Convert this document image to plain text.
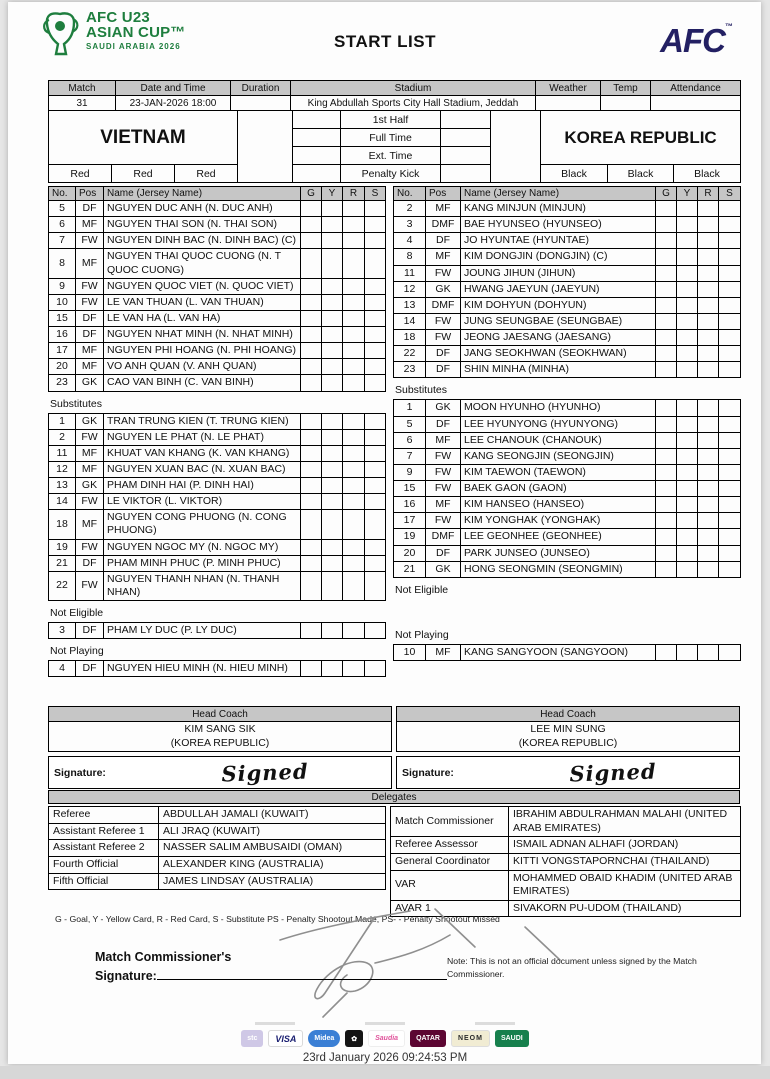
AFC U23
ASIAN CUP™
SAUDI ARABIA 2026	START LIST	AFC™
Match	Date and Time	Duration	Stadium	Weather	Temp	Attendance
31	23-JAN-2026 18:00		King Abdullah Sports City Hall Stadium, Jeddah			
VIETNAM					1st Half			KOREA REPUBLIC		
					Full Time					
					Ext. Time					
Red	Red	Red			Penalty Kick			Black	Black	Black
No.	Pos	Name (Jersey Name)	G	Y	R	S
5	DF	NGUYEN DUC ANH (N. DUC ANH)				
6	MF	NGUYEN THAI SON (N. THAI SON)				
7	FW	NGUYEN DINH BAC (N. DINH BAC) (C)				
8	MF	NGUYEN THAI QUOC CUONG (N. T QUOC CUONG)				
9	FW	NGUYEN QUOC VIET (N. QUOC VIET)				
10	FW	LE VAN THUAN (L. VAN THUAN)				
15	DF	LE VAN HA (L. VAN HA)				
16	DF	NGUYEN NHAT MINH (N. NHAT MINH)				
17	MF	NGUYEN PHI HOANG (N. PHI HOANG)				
20	MF	VO ANH QUAN (V. ANH QUAN)				
23	GK	CAO VAN BINH (C. VAN BINH)				
Substitutes
1	GK	TRAN TRUNG KIEN (T. TRUNG KIEN)				
2	FW	NGUYEN LE PHAT (N. LE PHAT)				
11	MF	KHUAT VAN KHANG (K. VAN KHANG)				
12	MF	NGUYEN XUAN BAC (N. XUAN BAC)				
13	GK	PHAM DINH HAI (P. DINH HAI)				
14	FW	LE VIKTOR (L. VIKTOR)				
18	MF	NGUYEN CONG PHUONG (N. CONG PHUONG)				
19	FW	NGUYEN NGOC MY (N. NGOC MY)				
21	DF	PHAM MINH PHUC (P. MINH PHUC)				
22	FW	NGUYEN THANH NHAN (N. THANH NHAN)				
Not Eligible
3	DF	PHAM LY DUC (P. LY DUC)				
Not Playing
4	DF	NGUYEN HIEU MINH (N. HIEU MINH)				
No.	Pos	Name (Jersey Name)	G	Y	R	S
2	MF	KANG MINJUN (MINJUN)				
3	DMF	BAE HYUNSEO (HYUNSEO)				
4	DF	JO HYUNTAE (HYUNTAE)				
8	MF	KIM DONGJIN (DONGJIN) (C)				
11	FW	JOUNG JIHUN (JIHUN)				
12	GK	HWANG JAEYUN (JAEYUN)				
13	DMF	KIM DOHYUN (DOHYUN)				
14	FW	JUNG SEUNGBAE (SEUNGBAE)				
18	FW	JEONG JAESANG (JAESANG)				
22	DF	JANG SEOKHWAN (SEOKHWAN)				
23	DF	SHIN MINHA (MINHA)				
Substitutes
1	GK	MOON HYUNHO (HYUNHO)				
5	DF	LEE HYUNYONG (HYUNYONG)				
6	MF	LEE CHANOUK (CHANOUK)				
7	FW	KANG SEONGJIN (SEONGJIN)				
9	FW	KIM TAEWON (TAEWON)				
15	FW	BAEK GAON (GAON)				
16	MF	KIM HANSEO (HANSEO)				
17	FW	KIM YONGHAK (YONGHAK)				
19	DMF	LEE GEONHEE (GEONHEE)				
20	DF	PARK JUNSEO (JUNSEO)				
21	GK	HONG SEONGMIN (SEONGMIN)				
Not Eligible
Not Playing
10	MF	KANG SANGYOON (SANGYOON)				
Head Coach

KIM SANG SIK
(KOREA REPUBLIC)
Signature:	Signed
Head Coach

LEE MIN SUNG
(KOREA REPUBLIC)
Signature:	Signed
Delegates
Referee	ABDULLAH JAMALI (KUWAIT)
Assistant Referee 1	ALI JRAQ (KUWAIT)
Assistant Referee 2	NASSER SALIM AMBUSAIDI (OMAN)
Fourth Official	ALEXANDER KING (AUSTRALIA)
Fifth Official	JAMES LINDSAY (AUSTRALIA)
Match Commissioner	IBRAHIM ABDULRAHMAN MALAHI (UNITED ARAB EMIRATES)
Referee Assessor	ISMAIL ADNAN ALHAFI (JORDAN)
General Coordinator	KITTI VONGSTAPORNCHAI (THAILAND)
VAR	MOHAMMED OBAID KHADIM (UNITED ARAB EMIRATES)
AVAR 1	SIVAKORN PU-UDOM (THAILAND)
G - Goal, Y - Yellow Card, R - Red Card, S - Substitute PS - Penalty Shootout Made, PS- - Penalty Shootout Missed
Match Commissioner's
Signature:
Note: This is not an official document unless signed by the Match Commissioner.
stc	VISA	Midea	✿	Saudia	QATAR	NEOM	SAUDI
23rd January 2026 09:24:53 PM
